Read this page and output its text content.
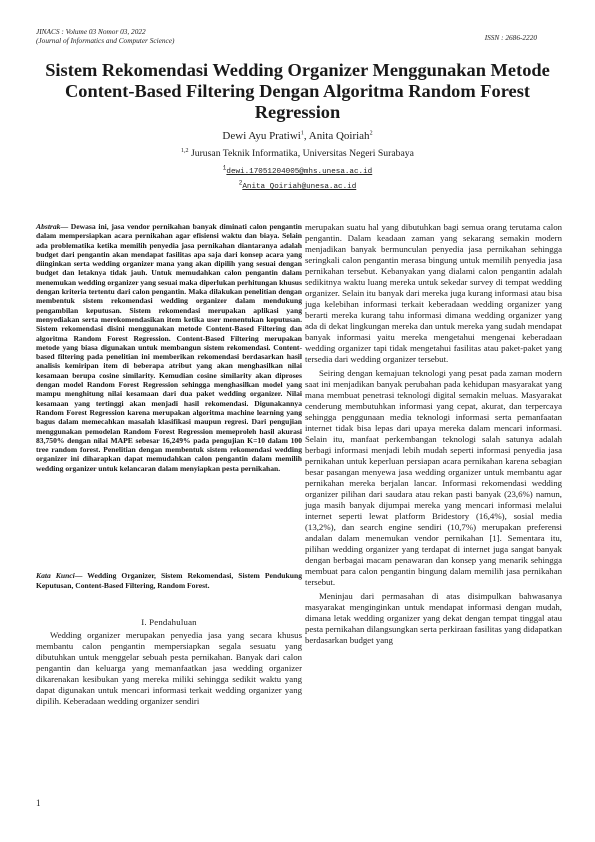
JINACS : Volume 03 Nomor 03, 2022
(Journal of Informatics and Computer Science)	ISSN : 2686-2220
Sistem Rekomendasi Wedding Organizer Menggunakan Metode Content-Based Filtering Dengan Algoritma Random Forest Regression
Dewi Ayu Pratiwi$^1$, Anita Qoiriah$^2$
$^{1,2}$ Jurusan Teknik Informatika, Universitas Negeri Surabaya
$^1$dewi.17051204005@mhs.unesa.ac.id
$^2$Anita Qoiriah@unesa.ac.id
Abstrak— Dewasa ini, jasa vendor pernikahan banyak diminati calon pengantin dalam mempersiapkan acara pernikahan agar efisiensi waktu dan biaya. Selain ada problematika ketika memilih penyedia jasa pernikahan diantaranya adalah budget dari pengantin akan mendapat fasilitas apa saja dari konsep acara yang diinginkan serta wedding organizer mana yang akan dipilih yang sesuai dengan budget dan letaknya tidak jauh. Untuk memudahkan calon pengantin dalam menemukan wedding organizer yang sesuai maka diperlukan perhitungan khusus dengan kriteria tertentu dari calon pengantin. Maka dilakukan penelitian dengan membentuk sistem rekomendasi wedding organizer dalam mendukung pengambilan keputusan. Sistem rekomendasi merupakan aplikasi yang menyediakan serta merekomendasikan item ketika user menentukan keputusan. Sistem rekomendasi disini menggunakan metode Content-Based Filtering dan algoritma Random Forest Regression. Content-Based Filtering merupakan metode yang biasa digunakan untuk membangun sistem rekomendasi. Content-based filtering pada penelitian ini memberikan rekomendasi berdasarkan hasil analisis kemiripan item di beberapa atribut yang akan menghasilkan nilai kesamaan berupa cosine similarity. Kemudian cosine similarity akan diproses dengan model Random Forest Regression sehingga menghasilkan model yang mampu menghitung nilai kesamaan dari dua paket wedding organizer. Nilai kesamaan yang tertinggi akan menjadi hasil rekomendasi. Digunakannya Random Forest Regression karena merupakan algoritma machine learning yang bagus dalam memecahkan masalah klasifikasi maupun regresi. Dari pengujian menggunakan pemodelan Random Forest Regression memeproleh hasil akurasi 83,750% dengan nilai MAPE sebesar 16,249% pada pengujian K=10 dalam 100 tree random forest. Penelitian dengan membentuk sistem rekomendasi wedding organizer ini diharapkan dapat memudahkan calon pengantin dalam memilih wedding organizer untuk kelancaran dalam menyiapkan pesta pernikahan.
Kata Kunci— Wedding Organizer, Sistem Rekomendasi, Sistem Pendukung Keputusan, Content-Based Filtering, Random Forest.
I. Pendahuluan
Wedding organizer merupakan penyedia jasa yang secara khusus membantu calon pengantin mempersiapkan segala sesuatu yang dibutuhkan untuk menggelar sebuah pesta pernikahan. Banyak dari calon pengantin dan keluarga yang memanfaatkan jasa wedding organizer dikarenakan kesibukan yang mereka miliki sehingga sedikit waktu yang dapat digunakan untuk mencari informasi terkait wedding organizer yang dipilih. Keberadaan wedding organizer sendiri

merupakan suatu hal yang dibutuhkan bagi semua orang terutama calon pengantin. Dalam keadaan zaman yang sekarang semakin modern menjadikan banyak bermunculan penyedia jasa pernikahan sehingga seringkali calon pengantin merasa bingung untuk memilih penyedia jasa pernikahan tersebut. Kebanyakan yang dialami calon pengantin adalah sedikitnya waktu luang mereka untuk sekedar survey di tempat wedding organizer. Selain itu banyak dari mereka juga kurang informasi atau bisa juga kelebihan informasi terkait keberadaan wedding organizer yang berarti mereka kurang tahu informasi dimana wedding organizer yang ada di dekat lingkungan mereka dan untuk mereka yang sudah mendapat banyak informasi yaitu mereka mengetahui mengenai keberadaan wedding organizer tapi tidak mengetahui fasilitas atau paket-paket yang tersedia dari wedding organizer tersebut.

Seiring dengan kemajuan teknologi yang pesat pada zaman modern saat ini menjadikan banyak perubahan pada kehidupan masyarakat yang mana membuat penetrasi teknologi digital semakin meluas. Masyarakat cenderung membutuhkan informasi yang cepat, akurat, dan terpercaya sehingga penggunaan media teknologi informasi serta pemanfaatan internet tidak bisa lepas dari upaya mereka dalam mencari informasi. Selain itu, manfaat perkembangan teknologi salah satunya adalah berbagi informasi menjadi lebih mudah seperti informasi penyedia jasa pernikahan untuk keperluan persiapan acara pernikahan karena sebagian besar pasangan menyewa jasa wedding organizer untuk membantu agar pernikahan mereka berjalan lancar. Informasi rekomendasi wedding organizer pilihan dari saudara atau rekan pasti banyak (23,6%) namun, juga masih banyak dijumpai mereka yang mencari informasi melalui internet seperti lewat platform Bridestory (16,4%), sosial media (13,2%), dan search engine sendiri (10,7%) merupakan preferensi andalan dalam menemukan vendor pernikahan [1]. Sementara itu, pilihan wedding organizer yang terdapat di internet juga sangat banyak dengan berbagai macam penawaran dan konsep yang menarik sehingga membuat para calon pengantin bingung dalam memilih jasa pernikahan tersebut.

Meninjau dari permasahan di atas disimpulkan bahwasanya masyarakat menginginkan untuk mendapat informasi dengan mudah, dimana letak wedding organizer yang dekat dengan tempat tinggal atau pesta pernikahan dilangsungkan serta perkiraan fasilitas yang didapatkan berdasarkan budget yang

1
